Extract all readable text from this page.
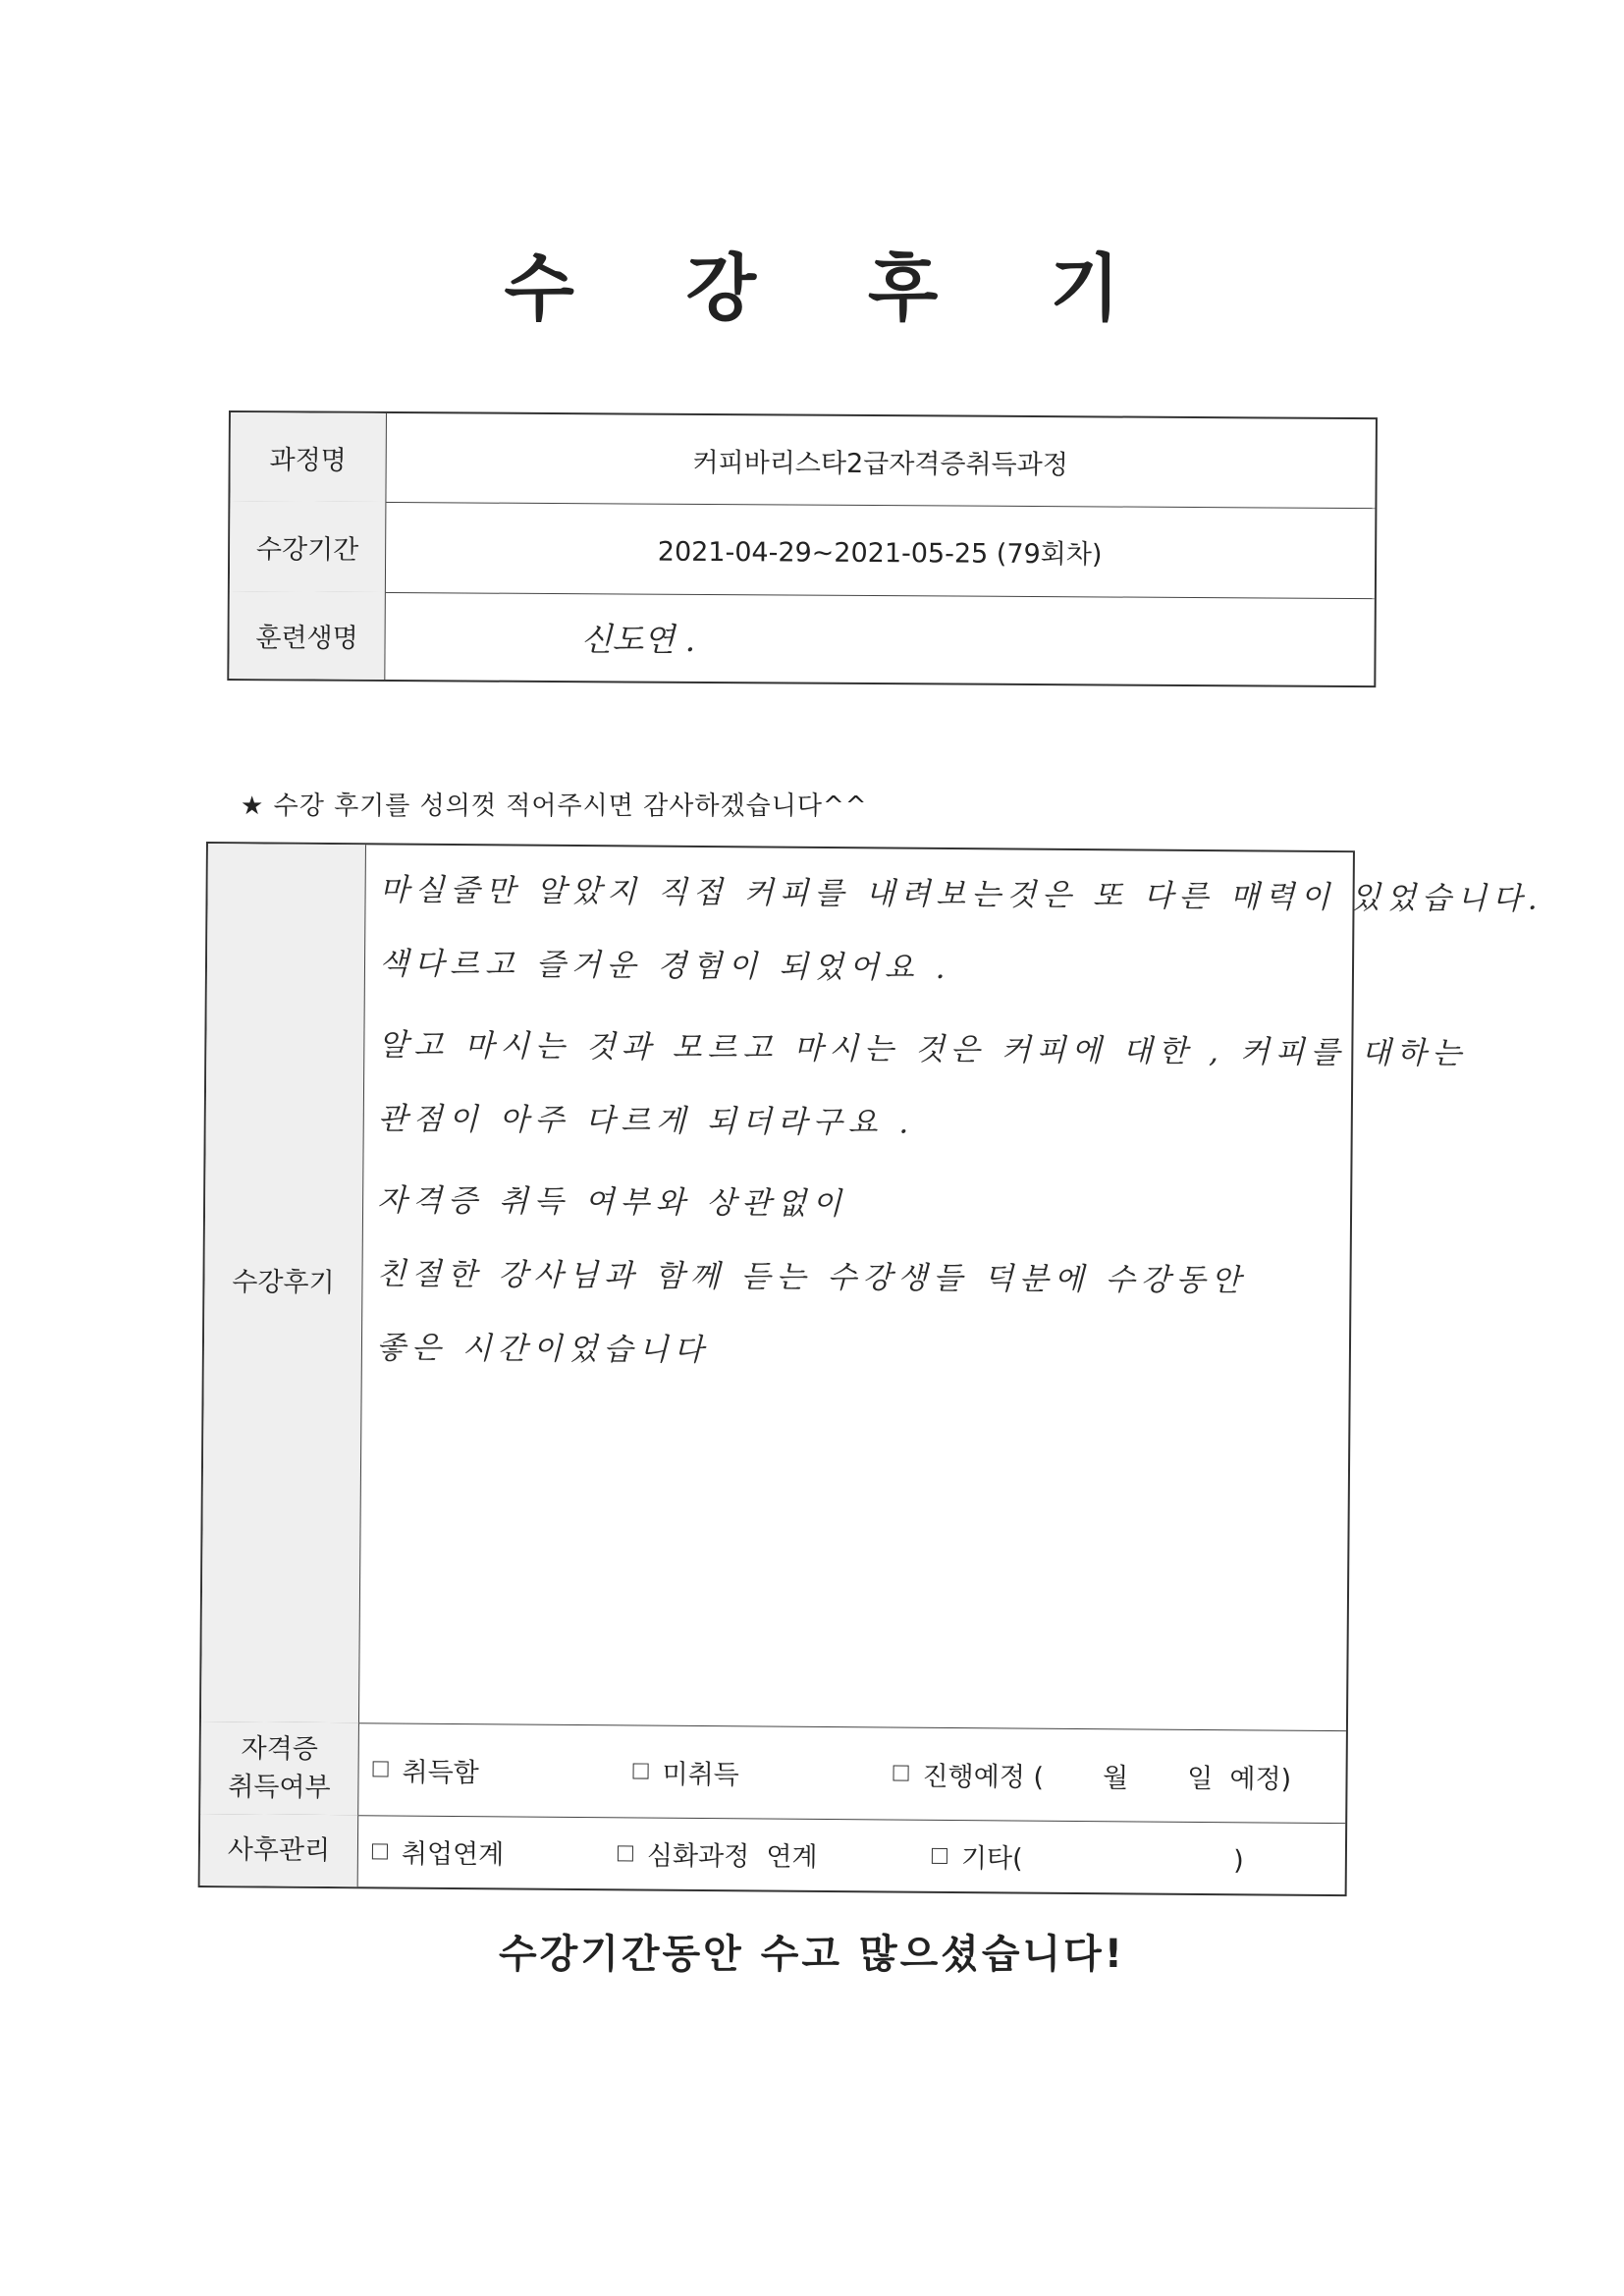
수 강 후 기
과정명	커피바리스타2급자격증취득과정
수강기간	2021-04-29~2021-05-25 (79회차)
훈련생명	신도연 .
★ 수강 후기를 성의껏 적어주시면 감사하겠습니다^^
수강후기

마실줄만 알았지 직접 커피를 내려보는것은 또 다른 매력이 있었습니다.

색다르고 즐거운 경험이 되었어요 .

알고 마시는 것과 모르고 마시는 것은 커피에 대한 , 커피를 대하는

관점이 아주 다르게 되더라구요 .

자격증 취득 여부와 상관없이

친절한 강사님과 함께 듣는 수강생들 덕분에 수강동안

좋은 시간이었습니다

자격증
취득여부	취득함	미취득	진행예정 (       월       일  예정)
사후관리	취업연계	심화과정  연계	기타(                         )
수강기간동안 수고 많으셨습니다!
